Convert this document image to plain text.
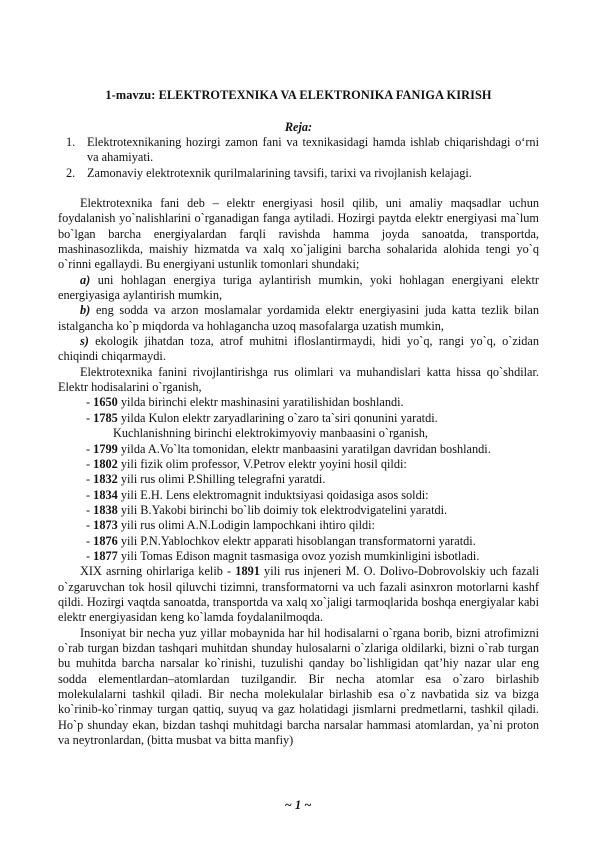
1-mavzu: ELEKTROTEXNIKA VA ELEKTRONIKA FANIGA KIRISH
Reja:
1. Elektrotexnikaning hozirgi zamon fani va texnikasidagi hamda ishlab chiqarishdagi o‘rni va ahamiyati.
2. Zamonaviy elektrotexnik qurilmalarining tavsifi, tarixi va rivojlanish kelajagi.

Elektrotexnika fani deb – elektr energiyasi hosil qilib, uni amaliy maqsadlar uchun foydalanish yo`nalishlarini o`rganadigan fanga aytiladi. Hozirgi paytda elektr energiyasi ma`lum bo`lgan barcha energiyalardan farqli ravishda hamma joyda sanoatda, transportda, mashinasozlikda, maishiy hizmatda va xalq xo`jaligini barcha sohalarida alohida tengi yo`q o`rinni egallaydi. Bu energiyani ustunlik tomonlari shundaki;

a) uni hohlagan energiya turiga aylantirish mumkin, yoki hohlagan energiyani elektr energiyasiga aylantirish mumkin,

b) eng sodda va arzon moslamalar yordamida elektr energiyasini juda katta tezlik bilan istalgancha ko`p miqdorda va hohlagancha uzoq masofalarga uzatish mumkin,

s) ekologik jihatdan toza, atrof muhitni ifloslantirmaydi, hidi yo`q, rangi yo`q, o`zidan chiqindi chiqarmaydi.

Elektrotexnika fanini rivojlantirishga rus olimlari va muhandislari katta hissa qo`shdilar. Elektr hodisalarini o`rganish,

- 1650 yilda birinchi elektr mashinasini yaratilishidan boshlandi.

- 1785 yilda Kulon elektr zaryadlarining o`zaro ta`siri qonunini yaratdi.

Kuchlanishning birinchi elektrokimyoviy manbaasini o`rganish,

- 1799 yilda A.Vo`lta tomonidan, elektr manbaasini yaratilgan davridan boshlandi.

- 1802 yili fizik olim professor, V.Petrov elektr yoyini hosil qildi:

- 1832 yili rus olimi P.Shilling telegrafni yaratdi.

- 1834 yili E.H. Lens elektromagnit induktsiyasi qoidasiga asos soldi:

- 1838 yili B.Yakobi birinchi bo`lib doimiy tok elektrodvigatelini yaratdi.

- 1873 yili rus olimi A.N.Lodigin lampochkani ihtiro qildi:

- 1876 yili P.N.Yablochkov elektr apparati hisoblangan transformatorni yaratdi.

- 1877 yili Tomas Edison magnit tasmasiga ovoz yozish mumkinligini isbotladi.

XIX asrning ohirlariga kelib - 1891 yili rus injeneri M. O. Dolivo-Dobrovolskiy uch fazali o`zgaruvchan tok hosil qiluvchi tizimni, transformatorni va uch fazali asinxron motorlarni kashf qildi. Hozirgi vaqtda sanoatda, transportda va xalq xo`jaligi tarmoqlarida boshqa energiyalar kabi elektr energiyasidan keng ko`lamda foydalanilmoqda.

Insoniyat bir necha yuz yillar mobaynida har hil hodisalarni o`rgana borib, bizni atrofimizni o`rab turgan bizdan tashqari muhitdan shunday hulosalarni o`zlariga oldilarki, bizni o`rab turgan bu muhitda barcha narsalar ko`rinishi, tuzulishi qanday bo`lishligidan qat’hiy nazar ular eng sodda elementlardan–atomlardan tuzilgandir. Bir necha atomlar esa o`zaro birlashib molekulalarni tashkil qiladi. Bir necha molekulalar birlashib esa o`z navbatida siz va bizga ko`rinib-ko`rinmay turgan qattiq, suyuq va gaz holatidagi jismlarni predmetlarni, tashkil qiladi. Ho`p shunday ekan, bizdan tashqi muhitdagi barcha narsalar hammasi atomlardan, ya`ni proton va neytronlardan, (bitta musbat va bitta manfiy)

~ 1 ~
